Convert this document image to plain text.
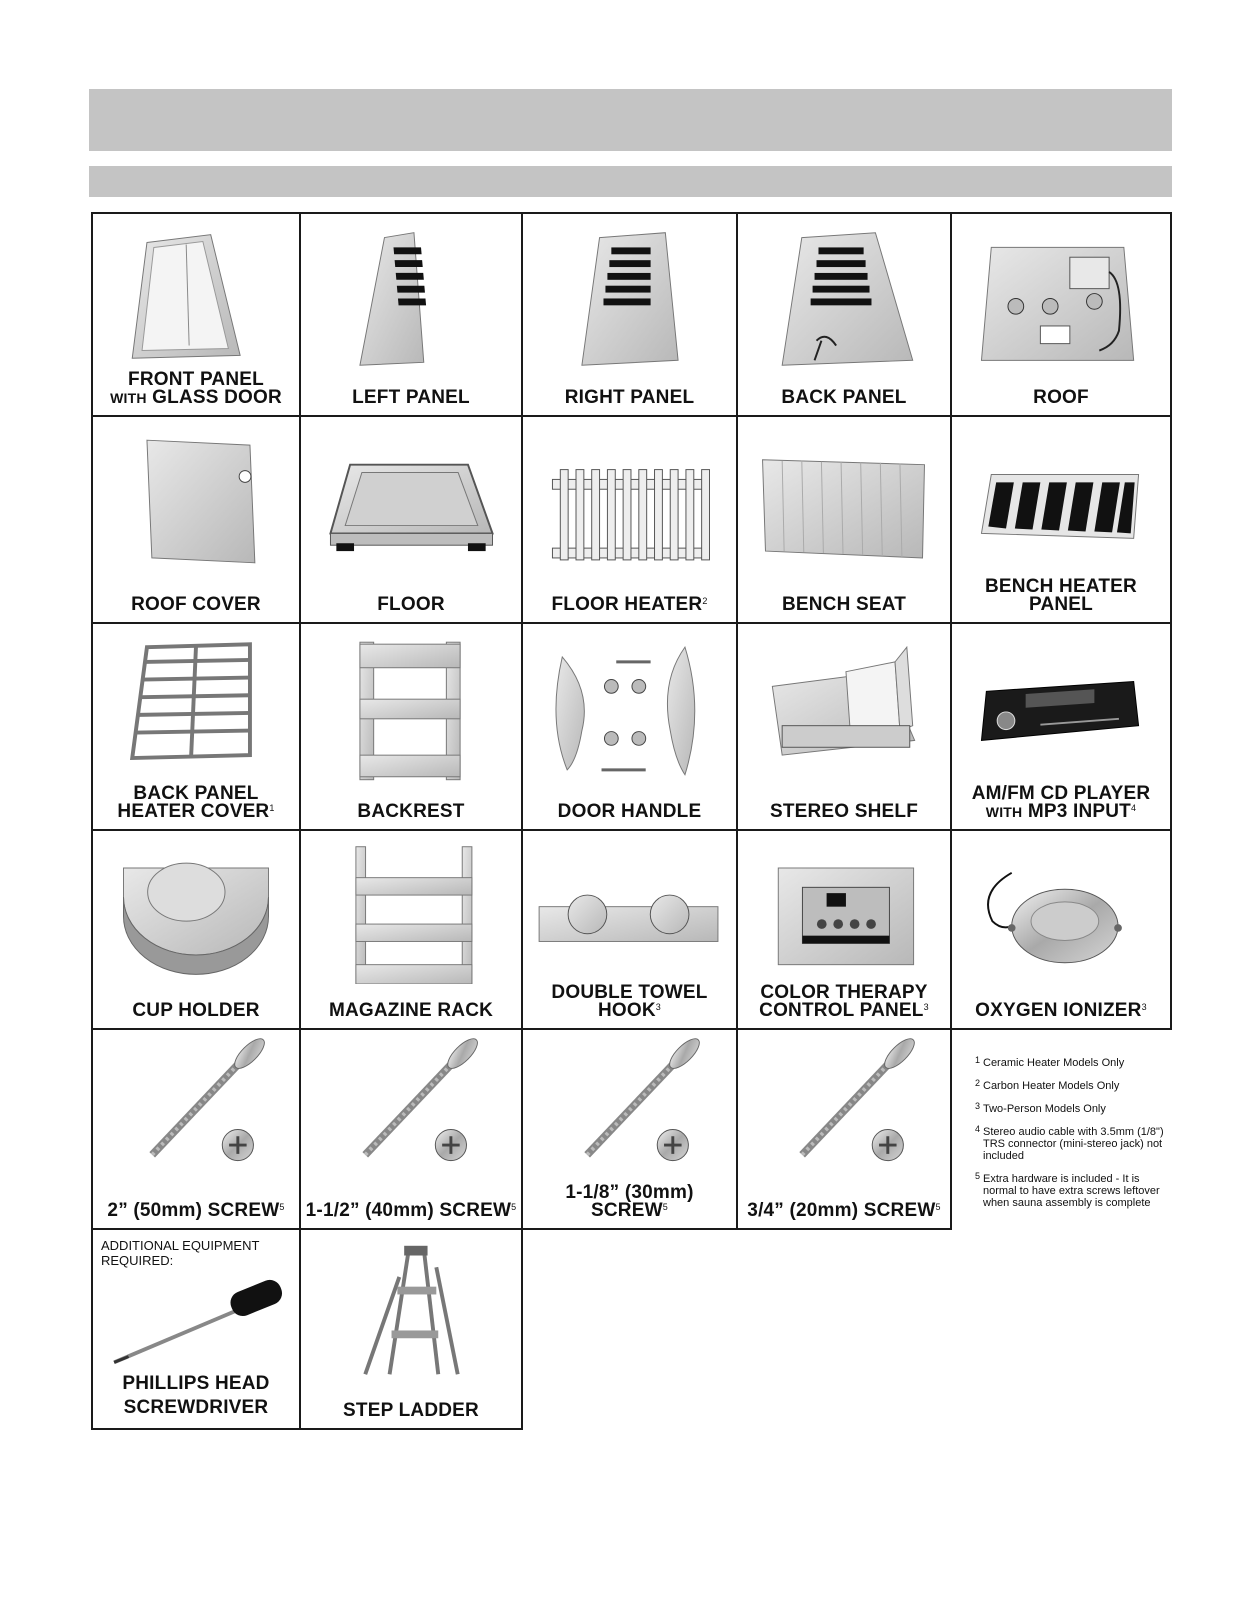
FRONT PANEL
WITH GLASS DOOR	LEFT PANEL	RIGHT PANEL	BACK PANEL	ROOF
ROOF COVER	FLOOR	FLOOR HEATER$^2$	BENCH SEAT
BENCH HEATER
PANEL
BACK PANEL
HEATER COVER$^1$	BACKREST	DOOR HANDLE	STEREO SHELF
AM/FM CD PLAYER
WITH MP3 INPUT$^4$
CUP HOLDER	MAGAZINE RACK
DOUBLE TOWEL
HOOK$^3$
COLOR THERAPY
CONTROL PANEL$^3$	OXYGEN IONIZER$^3$
2” (50mm) SCREW$^5$	1-1/2” (40mm) SCREW$^5$
1-1/8” (30mm) SCREW$^5$	3/4” (20mm) SCREW$^5$
1 Ceramic Heater Models Only
2 Carbon Heater Models Only
3 Two-Person Models Only
4 Stereo audio cable with 3.5mm (1/8") TRS connector (mini-stereo jack) not included
5 Extra hardware is included - It is normal to have extra screws leftover when sauna assembly is complete
ADDITIONAL EQUIPMENT
REQUIRED:
PHILLIPS HEAD
SCREWDRIVER	STEP LADDER
